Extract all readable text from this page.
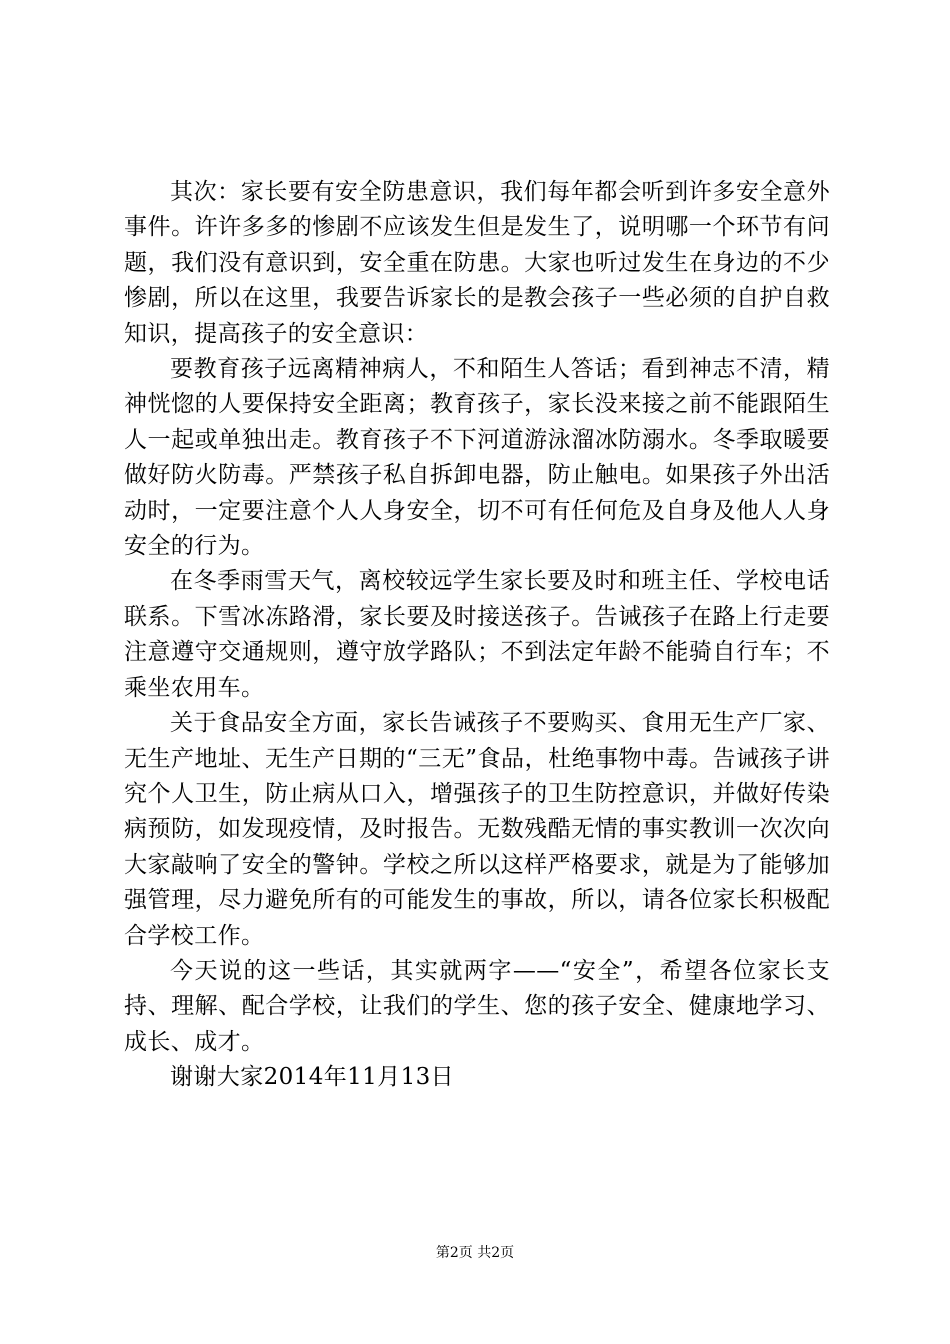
其次：家长要有安全防患意识，我们每年都会听到许多安全意外事件。许许多多的惨剧不应该发生但是发生了，说明哪一个环节有问题，我们没有意识到，安全重在防患。大家也听过发生在身边的不少惨剧，所以在这里，我要告诉家长的是教会孩子一些必须的自护自救知识，提高孩子的安全意识：

要教育孩子远离精神病人，不和陌生人答话；看到神志不清，精神恍惚的人要保持安全距离；教育孩子，家长没来接之前不能跟陌生人一起或单独出走。教育孩子不下河道游泳溜冰防溺水。冬季取暖要做好防火防毒。严禁孩子私自拆卸电器，防止触电。如果孩子外出活动时，一定要注意个人人身安全，切不可有任何危及自身及他人人身安全的行为。

在冬季雨雪天气，离校较远学生家长要及时和班主任、学校电话联系。下雪冰冻路滑，家长要及时接送孩子。告诫孩子在路上行走要注意遵守交通规则，遵守放学路队；不到法定年龄不能骑自行车；不乘坐农用车。

关于食品安全方面，家长告诫孩子不要购买、食用无生产厂家、无生产地址、无生产日期的“三无”食品，杜绝事物中毒。告诫孩子讲究个人卫生，防止病从口入，增强孩子的卫生防控意识，并做好传染病预防，如发现疫情，及时报告。无数残酷无情的事实教训一次次向大家敲响了安全的警钟。学校之所以这样严格要求，就是为了能够加强管理，尽力避免所有的可能发生的事故，所以，请各位家长积极配合学校工作。

今天说的这一些话，其实就两字——“安全”，希望各位家长支持、理解、配合学校，让我们的学生、您的孩子安全、健康地学习、成长、成才。

谢谢大家2014年11月13日

第2页 共2页
